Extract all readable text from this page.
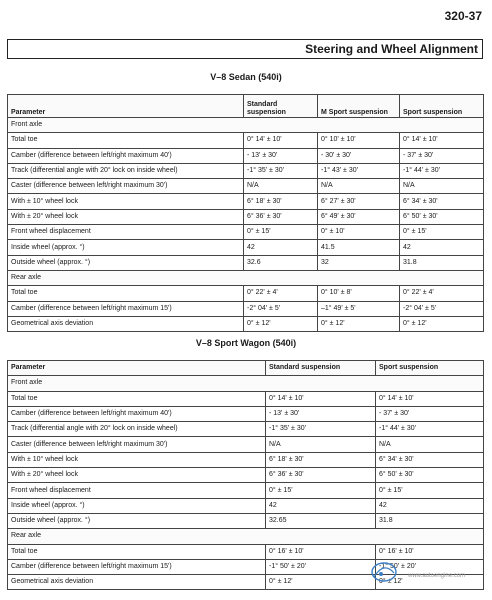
320-37
Steering and Wheel Alignment
V–8 Sedan (540i)
Parameter	Standard suspension	M Sport suspension	Sport suspension
Front axle			
Total toe	0° 14' ± 10'	0° 10' ± 10'	0° 14' ± 10'
Camber (difference between left/right maximum 40')	- 13' ± 30'	- 30' ± 30'	- 37' ± 30'
Track (differential angle with 20° lock on inside wheel)	-1° 35' ± 30'	-1° 43' ± 30'	-1° 44' ± 30'
Caster (difference between left/right maximum 30')	N/A	N/A	N/A
With ± 10° wheel lock	6° 18' ± 30'	6° 27' ± 30'	6° 34' ± 30'
With ± 20° wheel lock	6° 36' ± 30'	6° 49' ± 30'	6° 50' ± 30'
Front wheel displacement	0° ± 15'	0° ± 10'	0° ± 15'
Inside wheel (approx. °)	42	41.5	42
Outside wheel (approx. °)	32.6	32	31.8
Rear axle			
Total toe	0° 22' ± 4'	0° 10' ± 8'	0° 22' ± 4'
Camber (difference between left/right maximum 15')	-2° 04' ± 5'	–1° 49' ± 5'	-2° 04' ± 5'
Geometrical axis deviation	0° ± 12'	0° ± 12'	0° ± 12'
V–8 Sport Wagon (540i)
Parameter	Standard suspension	Sport suspension
Front axle		
Total toe	0° 14' ± 10'	0° 14' ± 10'
Camber (difference between left/right maximum 40')	- 13' ± 30'	- 37' ± 30'
Track (differential angle with 20° lock on inside wheel)	-1° 35' ± 30'	-1° 44' ± 30'
Caster (difference between left/right maximum 30')	N/A	N/A
With ± 10° wheel lock	6° 18' ± 30'	6° 34' ± 30'
With ± 20° wheel lock	6° 36' ± 30'	6° 50' ± 30'
Front wheel displacement	0° ± 15'	0° ± 15'
Inside wheel (approx. °)	42	42
Outside wheel (approx. °)	32.65	31.8
Rear axle		
Total toe	0° 16' ± 10'	0° 16' ± 10'
Camber (difference between left/right maximum 15')	-1° 50' ± 20'	-1° 50' ± 20'
Geometrical axis deviation	0° ± 12'	0° ± 12'
www.autoengine.com
